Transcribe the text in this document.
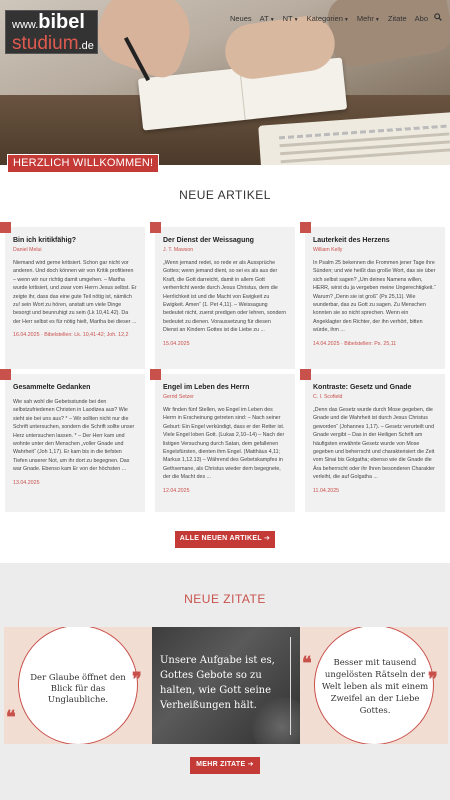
www. bibel
studium .de
Neues	AT▼	NT▼	Kategorien▼	Mehr▼	Zitate	Abo
HERZLICH WILLKOMMEN!
NEUE ARTIKEL
Bin ich kritikfähig?
Daniel Melui
Niemand wird gerne kritisiert. Schon gar nicht vor anderen. Und doch können wir von Kritik profitieren – wenn wir nur richtig damit umgehen. – Martha wurde kritisiert, und zwar vom Herrn Jesus selbst. Er zeigte ihr, dass das eine gute Teil nötig ist, nämlich zu! sein Wort zu hören, anstatt um viele Dinge besorgt und beunruhigt zu sein (Lk 10,41.42). Da der Herr selbst es für nötig hielt, Martha bei dieser ...
16.04.2025 · Bibelstellen: Lk. 10,41-42; Joh. 12,2
Der Dienst der Weissagung
J. T. Mawson
„Wenn jemand redet, so rede er als Aussprüche Gottes; wenn jemand dient, so sei es als aus der Kraft, die Gott darreicht, damit in allem Gott verherrlicht werde durch Jesus Christus, dem die Herrlichkeit ist und die Macht von Ewigkeit zu Ewigkeit. Amen“ (1. Pet 4,11). – Weissagung bedeutet nicht, zuerst predigen oder lehren, sondern bedeutet zu dienen. Voraussetzung für diesen Dienst an Kindern Gottes ist die Liebe zu ...
15.04.2025
Lauterkeit des Herzens
William Kelly
In Psalm 25 bekennen die Frommen jener Tage ihre Sünden; und wie heißt das große Wort, das sie über sich selbst sagen? „Um deines Namens willen, HERR, wirst du ja vergeben meine Ungerechtigkeit.“ Warum? „Denn sie ist groß“ (Ps 25,11). Wie wunderbar, das zu Gott zu sagen. Zu Menschen konnten sie so nicht sprechen. Wenn ein Angeklagter den Richter, der ihn verhört, bitten würde, ihm ...
14.04.2025 · Bibelstellen: Ps. 25,11
Gesammelte Gedanken
Wie sah wohl die Gebetsstunde bei den selbstzufriedenen Christen in Laodizea aus? Wie sieht sie bei uns aus? * – Wir sollten nicht nur die Schrift untersuchen, sondern die Schrift sollte unser Herz untersuchen lassen. * – Der Herr kam und wohnte unter den Menschen „voller Gnade und Wahrheit“ (Joh 1,17). Er kam bis in die tiefsten Tiefen unserer Not, um ihr dort zu begegnen. Das war Gnade. Ebenso kam Er von der höchsten ...
13.04.2025
Engel im Leben des Herrn
Gerrid Setzer
Wir finden fünf Stellen, wo Engel im Leben des Herrn in Erscheinung getreten sind: – Nach seiner Geburt: Ein Engel verkündigt, dass er der Retter ist. Viele Engel loben Gott. (Lukas 2,10–14) – Nach der listigen Versuchung durch Satan, dem gefallenen Engelsfürsten, dienten ihm Engel. (Matthäus 4,11; Markus 1,12.13) – Während des Gebetskampfes in Gethsemane, als Christus wieder dem begegnete, der die Macht des ...
12.04.2025
Kontraste: Gesetz und Gnade
C. I. Scofield
„Denn das Gesetz wurde durch Mose gegeben, die Gnade und die Wahrheit ist durch Jesus Christus geworden“ (Johannes 1,17). – Gesetz verurteilt und Gnade vergibt – Das in der Heiligen Schrift am häufigsten erwähnte Gesetz wurde von Mose gegeben und beherrscht und charakterisiert die Zeit vom Sinai bis Golgatha; ebenso wie die Gnade die Ära beherrscht oder ihr Ihren besonderen Charakter verleiht, die auf Golgatha ...
11.04.2025
ALLE NEUEN ARTIKEL ➔
NEUE ZITATE
Der Glaube öffnet den Blick für das Unglaubliche.
❞
❝
Unsere Aufgabe ist es, Gottes Gebote so zu halten, wie Gott seine Verheißungen hält.
Besser mit tausend ungelösten Rätseln der Welt leben als mit einem Zweifel an der Liebe Gottes.
❝
❞
MEHR ZITATE ➔
